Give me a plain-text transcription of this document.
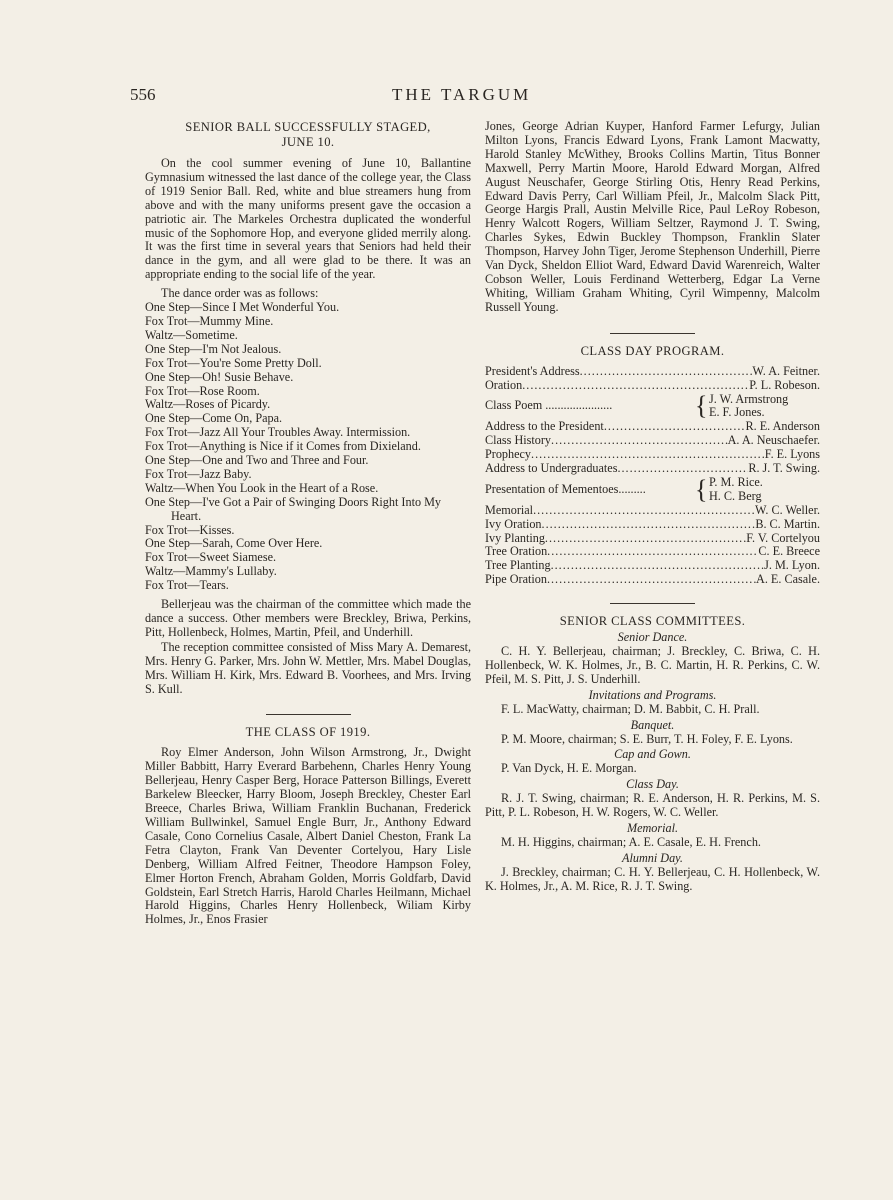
556	THE TARGUM
SENIOR BALL SUCCESSFULLY STAGED,
JUNE 10.

On the cool summer evening of June 10, Ballantine Gymnasium witnessed the last dance of the college year, the Class of 1919 Senior Ball. Red, white and blue streamers hung from above and with the many uniforms present gave the occasion a patriotic air. The Markeles Orchestra duplicated the wonderful music of the Sophomore Hop, and everyone glided merrily along. It was the first time in several years that Seniors had held their dance in the gym, and all were glad to be there. It was an appropriate ending to the social life of the year.

The dance order was as follows:

One Step—Since I Met Wonderful You.
Fox Trot—Mummy Mine.
Waltz—Sometime.
One Step—I'm Not Jealous.
Fox Trot—You're Some Pretty Doll.
One Step—Oh! Susie Behave.
Fox Trot—Rose Room.
Waltz—Roses of Picardy.
One Step—Come On, Papa.
Fox Trot—Jazz All Your Troubles Away. Intermission.
Fox Trot—Anything is Nice if it Comes from Dixieland.
One Step—One and Two and Three and Four.
Fox Trot—Jazz Baby.
Waltz—When You Look in the Heart of a Rose.
One Step—I've Got a Pair of Swinging Doors Right Into My Heart.
Fox Trot—Kisses.
One Step—Sarah, Come Over Here.
Fox Trot—Sweet Siamese.
Waltz—Mammy's Lullaby.
Fox Trot—Tears.

Bellerjeau was the chairman of the committee which made the dance a success. Other members were Breckley, Briwa, Perkins, Pitt, Hollenbeck, Holmes, Martin, Pfeil, and Underhill.

The reception committee consisted of Miss Mary A. Demarest, Mrs. Henry G. Parker, Mrs. John W. Mettler, Mrs. Mabel Douglas, Mrs. William H. Kirk, Mrs. Edward B. Voorhees, and Mrs. Irving S. Kull.

THE CLASS OF 1919.

Roy Elmer Anderson, John Wilson Armstrong, Jr., Dwight Miller Babbitt, Harry Everard Barbehenn, Charles Henry Young Bellerjeau, Henry Casper Berg, Horace Patterson Billings, Everett Barkelew Bleecker, Harry Bloom, Joseph Breckley, Chester Earl Breece, Charles Briwa, William Franklin Buchanan, Frederick William Bullwinkel, Samuel Engle Burr, Jr., Anthony Edward Casale, Cono Cornelius Casale, Albert Daniel Cheston, Frank La Fetra Clayton, Frank Van Deventer Cortelyou, Hary Lisle Denberg, William Alfred Feitner, Theodore Hampson Foley, Elmer Horton French, Abraham Golden, Morris Goldfarb, David Goldstein, Earl Stretch Harris, Harold Charles Heilmann, Michael Harold Higgins, Charles Henry Hollenbeck, Wiliam Kirby Holmes, Jr., Enos Frasier

Jones, George Adrian Kuyper, Hanford Farmer Lefurgy, Julian Milton Lyons, Francis Edward Lyons, Frank Lamont Macwatty, Harold Stanley McWithey, Brooks Collins Martin, Titus Bonner Maxwell, Perry Martin Moore, Harold Edward Morgan, Alfred August Neuschafer, George Stirling Otis, Henry Read Perkins, Edward Davis Perry, Carl William Pfeil, Jr., Malcolm Slack Pitt, George Hargis Prall, Austin Melville Rice, Paul LeRoy Robeson, Henry Walcott Rogers, William Seltzer, Raymond J. T. Swing, Charles Sykes, Edwin Buckley Thompson, Franklin Slater Thompson, Harvey John Tiger, Jerome Stephenson Underhill, Pierre Van Dyck, Sheldon Elliot Ward, Edward David Warenreich, Walter Cobson Weller, Louis Ferdinand Wetterberg, Edgar La Verne Whiting, William Graham Whiting, Cyril Wimpenny, Malcolm Russell Young.

CLASS DAY PROGRAM.
President's Address .....	W. A. Feitner.
Oration .....	P. L. Robeson.
Class Poem ......................	{ J. W. Armstrong
E. F. Jones.
Address to the President .....	R. E. Anderson
Class History .....	A. A. Neuschaefer.
Prophecy .....	F. E. Lyons
Address to Undergraduates .....	R. J. T. Swing.
Presentation of Mementoes.........	{ P. M. Rice.
H. C. Berg
Memorial .....	W. C. Weller.
Ivy Oration .....	B. C. Martin.
Ivy Planting .....	F. V. Cortelyou
Tree Oration .....	C. E. Breece
Tree Planting .....	J. M. Lyon.
Pipe Oration .....	A. E. Casale.
SENIOR CLASS COMMITTEES.
Senior Dance.

C. H. Y. Bellerjeau, chairman; J. Breckley, C. Briwa, C. H. Hollenbeck, W. K. Holmes, Jr., B. C. Martin, H. R. Perkins, C. W. Pfeil, M. S. Pitt, J. S. Underhill.

Invitations and Programs.

F. L. MacWatty, chairman; D. M. Babbit, C. H. Prall.

Banquet.

P. M. Moore, chairman; S. E. Burr, T. H. Foley, F. E. Lyons.

Cap and Gown.

P. Van Dyck, H. E. Morgan.

Class Day.

R. J. T. Swing, chairman; R. E. Anderson, H. R. Perkins, M. S. Pitt, P. L. Robeson, H. W. Rogers, W. C. Weller.

Memorial.

M. H. Higgins, chairman; A. E. Casale, E. H. French.

Alumni Day.

J. Breckley, chairman; C. H. Y. Bellerjeau, C. H. Hollenbeck, W. K. Holmes, Jr., A. M. Rice, R. J. T. Swing.
